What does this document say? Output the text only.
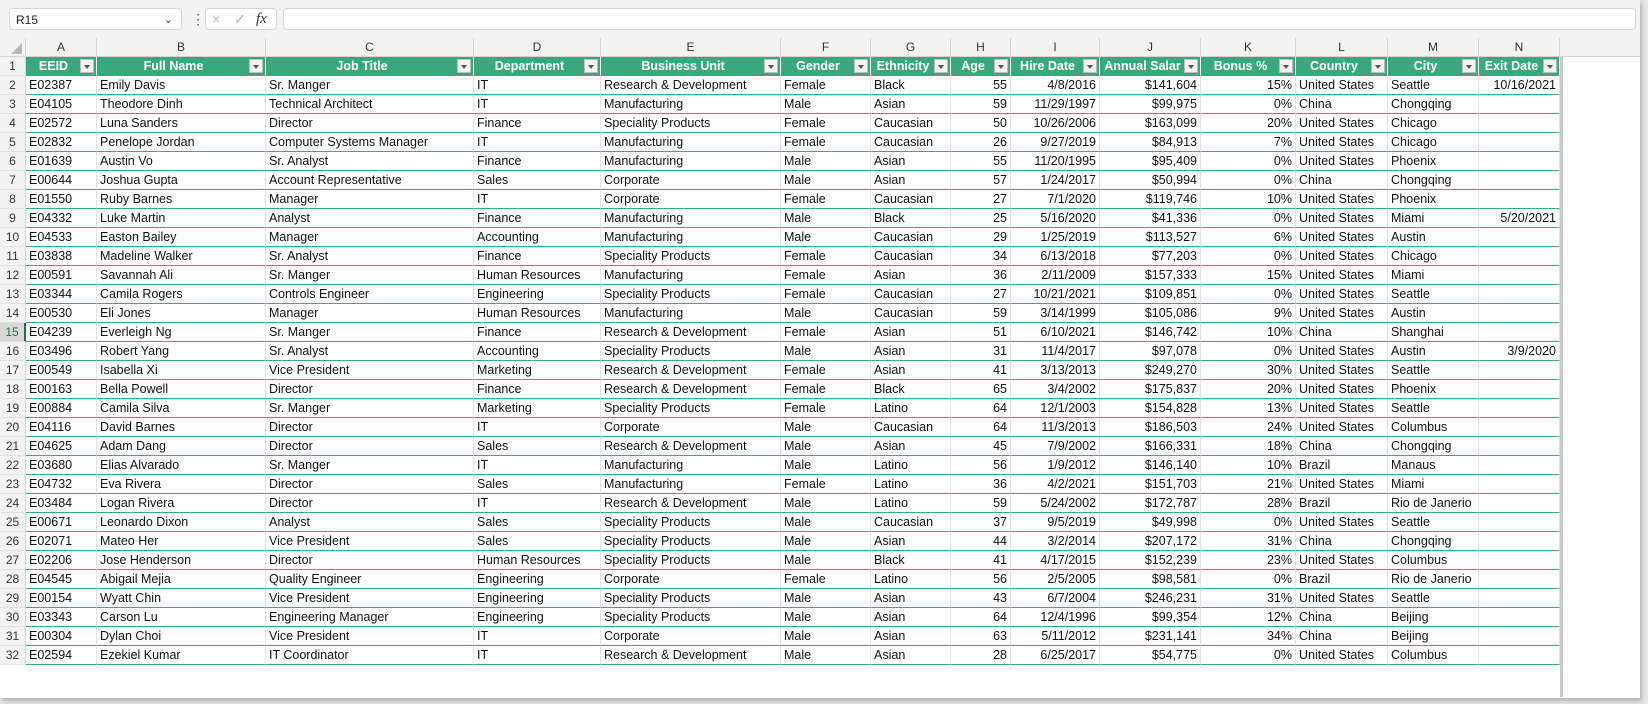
R15	⌄ ⋮ × ✓ fx
A	B	C	D	E	F	G	H	I	J	K	L	M	N
1	EEID	Full Name	Job Title	Department	Business Unit	Gender	Ethnicity	Age	Hire Date	Annual Salar	Bonus %	Country	City	Exit Date
2	E02387	Emily Davis	Sr. Manger	IT	Research & Development	Female	Black	55	4/8/2016	$141,604	15% United States	Seattle	10/16/2021
3	E04105	Theodore Dinh	Technical Architect	IT	Manufacturing	Male	Asian	59	11/29/1997	$99,975	0% China	Chongqing
4	E02572	Luna Sanders	Director	Finance	Speciality Products	Female	Caucasian	50	10/26/2006	$163,099	20% United States	Chicago
5	E02832	Penelope Jordan	Computer Systems Manager	IT	Manufacturing	Female	Caucasian	26	9/27/2019	$84,913	7% United States	Chicago
6	E01639	Austin Vo	Sr. Analyst	Finance	Manufacturing	Male	Asian	55	11/20/1995	$95,409	0% United States	Phoenix
7	E00644	Joshua Gupta	Account Representative	Sales	Corporate	Male	Asian	57	1/24/2017	$50,994	0% China	Chongqing
8	E01550	Ruby Barnes	Manager	IT	Corporate	Female	Caucasian	27	7/1/2020	$119,746	10% United States	Phoenix
9	E04332	Luke Martin	Analyst	Finance	Manufacturing	Male	Black	25	5/16/2020	$41,336	0% United States	Miami	5/20/2021
10 E04533	Easton Bailey	Manager	Accounting	Manufacturing	Male	Caucasian	29	1/25/2019	$113,527	6% United States	Austin
11 E03838	Madeline Walker	Sr. Analyst	Finance	Speciality Products	Female	Caucasian	34	6/13/2018	$77,203	0% United States	Chicago
12 E00591	Savannah Ali	Sr. Manger	Human Resources	Manufacturing	Female	Asian	36	2/11/2009	$157,333	15% United States	Miami
13 E03344	Camila Rogers	Controls Engineer	Engineering	Speciality Products	Female	Caucasian	27	10/21/2021	$109,851	0% United States	Seattle
14 E00530	Eli Jones	Manager	Human Resources	Manufacturing	Male	Caucasian	59	3/14/1999	$105,086	9% United States	Austin
15 E04239	Everleigh Ng	Sr. Manger	Finance	Research & Development	Female	Asian	51	6/10/2021	$146,742	10% China	Shanghai
16 E03496	Robert Yang	Sr. Analyst	Accounting	Speciality Products	Male	Asian	31	11/4/2017	$97,078	0% United States	Austin	3/9/2020
17 E00549	Isabella Xi	Vice President	Marketing	Research & Development	Female	Asian	41	3/13/2013	$249,270	30% United States	Seattle
18 E00163	Bella Powell	Director	Finance	Research & Development	Female	Black	65	3/4/2002	$175,837	20% United States	Phoenix
19 E00884	Camila Silva	Sr. Manger	Marketing	Speciality Products	Female	Latino	64	12/1/2003	$154,828	13% United States	Seattle
20 E04116	David Barnes	Director	IT	Corporate	Male	Caucasian	64	11/3/2013	$186,503	24% United States	Columbus
21 E04625	Adam Dang	Director	Sales	Research & Development	Male	Asian	45	7/9/2002	$166,331	18% China	Chongqing
22 E03680	Elias Alvarado	Sr. Manger	IT	Manufacturing	Male	Latino	56	1/9/2012	$146,140	10% Brazil	Manaus
23 E04732	Eva Rivera	Director	Sales	Manufacturing	Female	Latino	36	4/2/2021	$151,703	21% United States	Miami
24 E03484	Logan Rivera	Director	IT	Research & Development	Male	Latino	59	5/24/2002	$172,787	28% Brazil	Rio de Janerio
25 E00671	Leonardo Dixon	Analyst	Sales	Speciality Products	Male	Caucasian	37	9/5/2019	$49,998	0% United States	Seattle
26 E02071	Mateo Her	Vice President	Sales	Speciality Products	Male	Asian	44	3/2/2014	$207,172	31% China	Chongqing
27 E02206	Jose Henderson	Director	Human Resources	Speciality Products	Male	Black	41	4/17/2015	$152,239	23% United States	Columbus
28 E04545	Abigail Mejia	Quality Engineer	Engineering	Corporate	Female	Latino	56	2/5/2005	$98,581	0% Brazil	Rio de Janerio
29 E00154	Wyatt Chin	Vice President	Engineering	Speciality Products	Male	Asian	43	6/7/2004	$246,231	31% United States	Seattle
30 E03343	Carson Lu	Engineering Manager	Engineering	Speciality Products	Male	Asian	64	12/4/1996	$99,354	12% China	Beijing
31 E00304	Dylan Choi	Vice President	IT	Corporate	Male	Asian	63	5/11/2012	$231,141	34% China	Beijing
32 E02594	Ezekiel Kumar	IT Coordinator	IT	Research & Development	Male	Asian	28	6/25/2017	$54,775	0% United States	Columbus
